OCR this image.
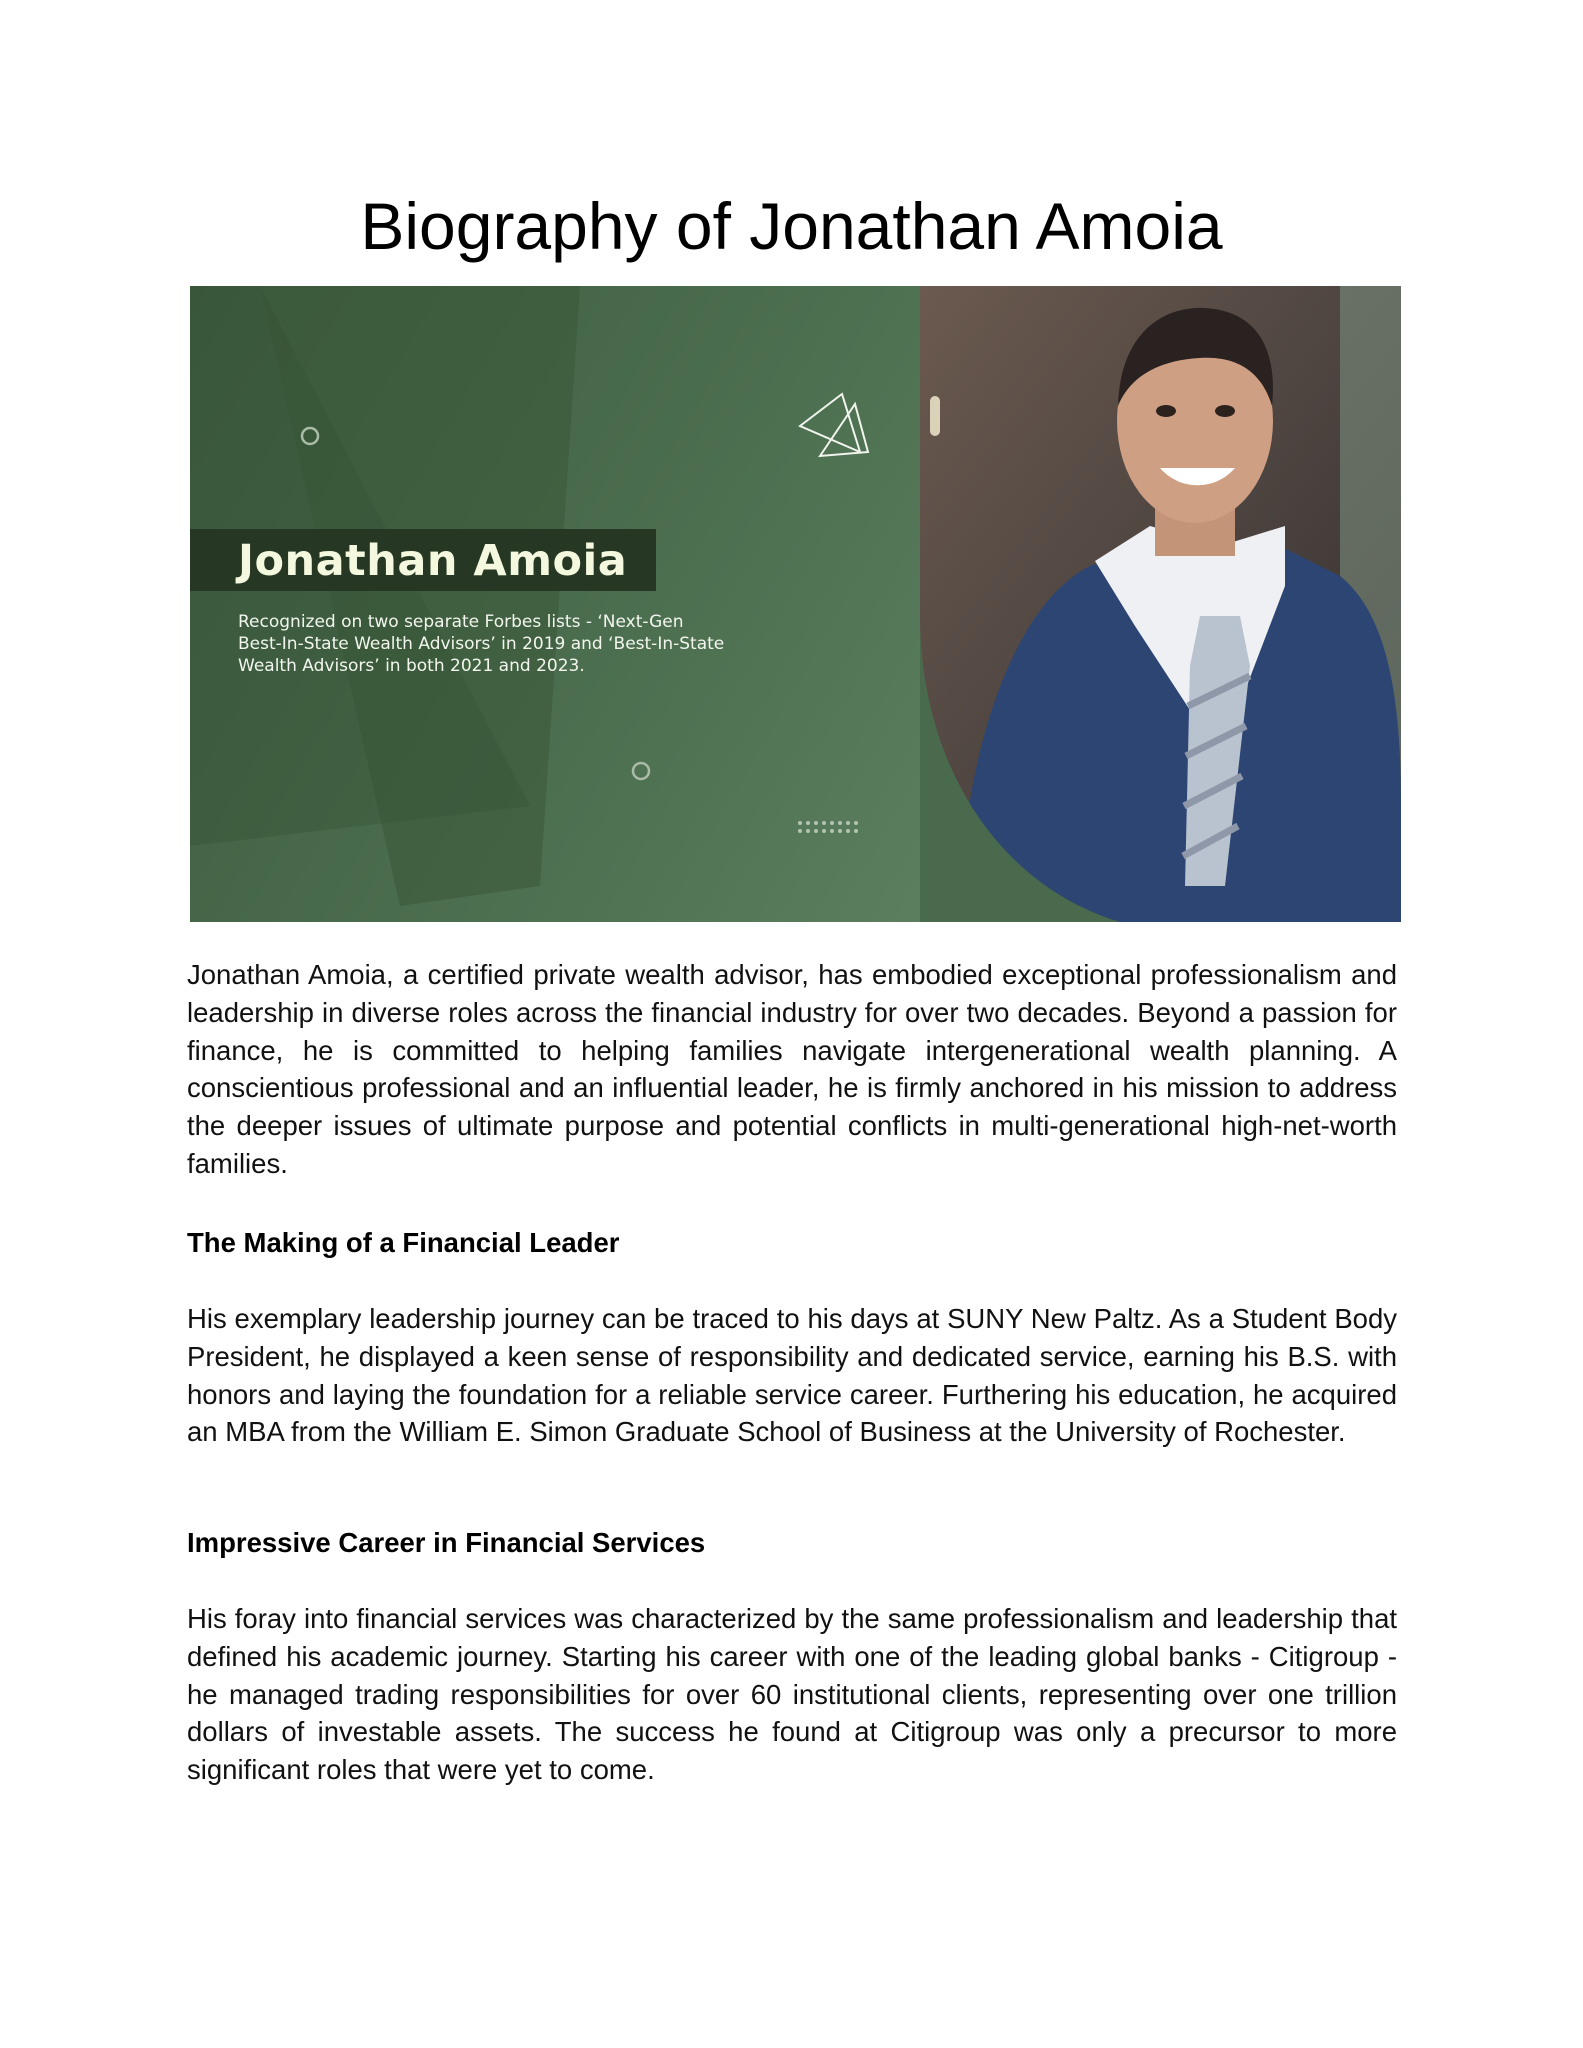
Biography of Jonathan Amoia
Jonathan Amoia
Recognized on two separate Forbes lists - ‘Next-Gen
Best-In-State Wealth Advisors’ in 2019 and ‘Best-In-State
Wealth Advisors’ in both 2021 and 2023.

Jonathan Amoia, a certified private wealth advisor, has embodied exceptional professionalism and leadership in diverse roles across the financial industry for over two decades. Beyond a passion for finance, he is committed to helping families navigate intergenerational wealth planning. A conscientious professional and an influential leader, he is firmly anchored in his mission to address the deeper issues of ultimate purpose and potential conflicts in multi-generational high-net-worth families.

The Making of a Financial Leader

His exemplary leadership journey can be traced to his days at SUNY New Paltz. As a Student Body President, he displayed a keen sense of responsibility and dedicated service, earning his B.S. with honors and laying the foundation for a reliable service career. Furthering his education, he acquired an MBA from the William E. Simon Graduate School of Business at the University of Rochester.

Impressive Career in Financial Services

His foray into financial services was characterized by the same professionalism and leadership that defined his academic journey. Starting his career with one of the leading global banks - Citigroup - he managed trading responsibilities for over 60 institutional clients, representing over one trillion dollars of investable assets. The success he found at Citigroup was only a precursor to more significant roles that were yet to come.
